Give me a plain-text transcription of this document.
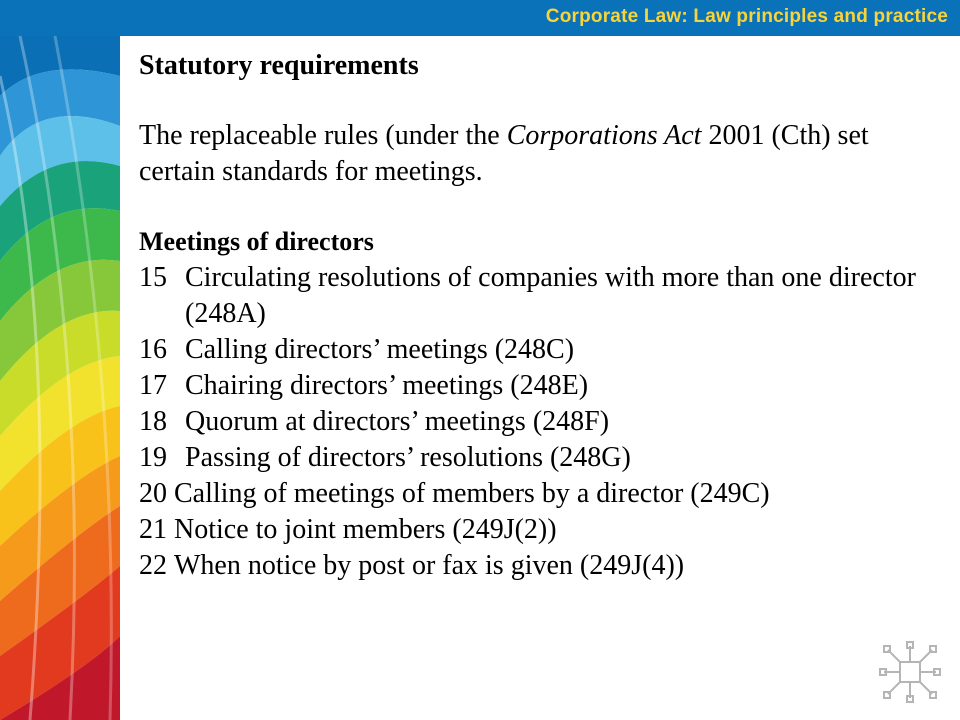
Corporate Law: Law principles and practice

Statutory requirements

The replaceable rules (under the Corporations Act 2001 (Cth) set certain standards for meetings.

Meetings of directors

15 Circulating resolutions of companies with more than one director (248A)
16 Calling directors’ meetings (248C)
17 Chairing directors’ meetings (248E)
18 Quorum at directors’ meetings (248F)
19 Passing of directors’ resolutions (248G)
20 Calling of meetings of members by a director (249C)
21 Notice to joint members (249J(2))
22 When notice by post or fax is given (249J(4))
